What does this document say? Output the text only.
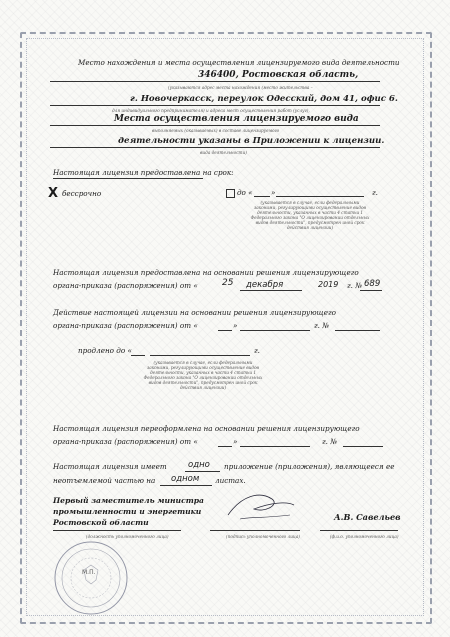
Место нахождения и места осуществления лицензируемого вида деятельности
346400, Ростовская область,
(указываются адрес места нахождения (место жительства –
г. Новочеркасск, переулок Одесский, дом 41, офис 6.
для индивидуального предпринимателя) и адреса мест осуществления работ (услуг),
Места осуществления лицензируемого вида
выполняемых (оказываемых) в составе лицензируемого
деятельности указаны в Приложении к лицензии.
вида деятельности)
Настоящая лицензия предоставлена на срок:
X бессрочно	до «	»	г.
(указывается в случае, если федеральными законами, регулирующими осуществление видов деятельности, указанных в части 4 статьи 1 Федерального закона "О лицензировании отдельных видов деятельности", предусмотрен иной срок действия лицензии)
Настоящая лицензия предоставлена на основании решения лицензирующего
органа-приказа (распоряжения) от «	25 декабря	2019 г. № 689
Действие настоящей лицензии на основании решения лицензирующего
органа-приказа (распоряжения) от «	»	г. №
продлено до «	г.
(указывается в случае, если федеральными законами, регулирующими осуществление видов деятельности, указанных в части 4 статьи 1 Федерального закона "О лицензировании отдельных видов деятельности", предусмотрен иной срок действия лицензии)
Настоящая лицензия переоформлена на основании решения лицензирующего
органа-приказа (распоряжения) от «	»	г. №
Настоящая лицензия имеет	одно приложение (приложения), являющееся ее
неотъемлемой частью на одном листах.
Первый заместитель министра
промышленности и энергетики
Ростовской области
(должность уполномоченного лица)	(подпись уполномоченного лица)
А.В. Савельев
(ф.и.о. уполномоченного лица)
М.П.
